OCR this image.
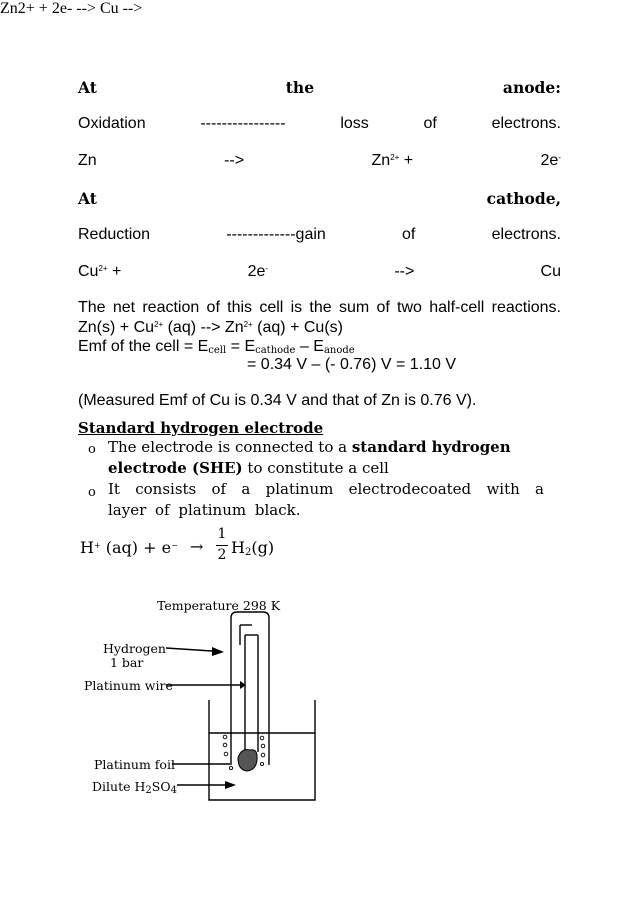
At	the	anode:
Oxidation	----------------	loss	of	electrons.
Zn2+ + 2e- -->
Zn	-->	$Zn^{2+}$ +	2e-
At	cathode,
Reduction	-------------gain	of	electrons.
Cu -->
$Cu^{2+}$ +	2e-	-->	Cu
The net reaction of this cell is the sum of two half-cell reactions.
$Zn(s) + Cu^{2+}$ (aq) --> $Zn^{2+}$ (aq) + Cu(s)
Emf of the cell = $E_{cell} = E_{cathode} - E_{anode}$
= 0.34 V – (- 0.76) V = 1.10 V
(Measured Emf of Cu is 0.34 V and that of Zn is 0.76 V).
Standard hydrogen electrode
o The electrode is connected to a standard hydrogen electrode (SHE) to constitute a cell
o It consists of a platinum electrodecoated with a layer of platinum black.
H+ (aq) + e− →
1
2 $H_2(g)$
Temperature 298 K
Hydrogen
1 bar
Platinum wire
Platinum foil
Dilute $H_2SO_4$
